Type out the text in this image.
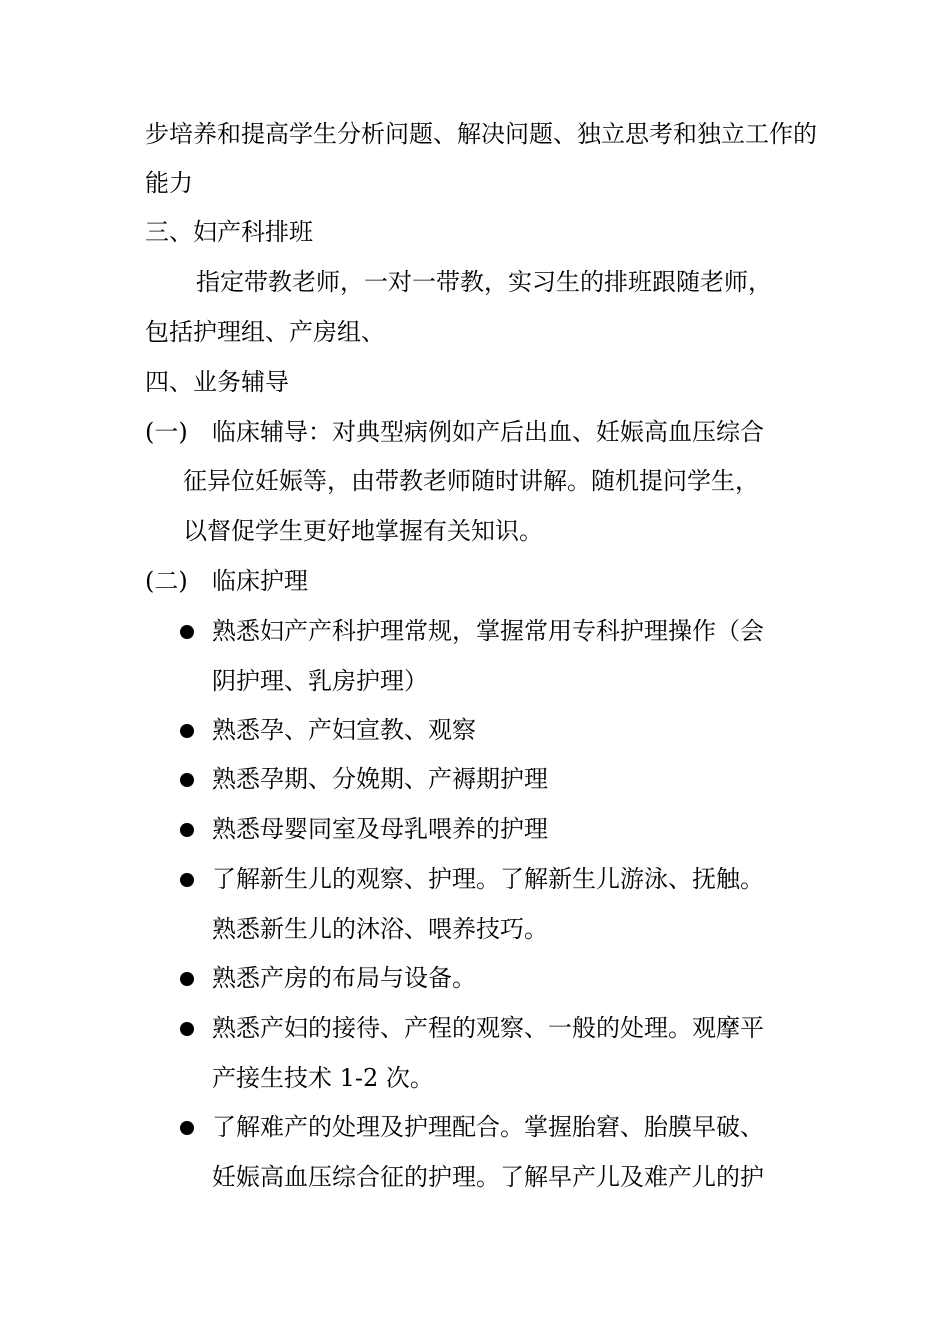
步培养和提高学生分析问题、解决问题、独立思考和独立工作的
能力
三、妇产科排班
指定带教老师，一对一带教，实习生的排班跟随老师，
包括护理组、产房组、
四、业务辅导
(一) 临床辅导：对典型病例如产后出血、妊娠高血压综合
征异位妊娠等，由带教老师随时讲解。随机提问学生，
以督促学生更好地掌握有关知识。
(二) 临床护理
熟悉妇产产科护理常规，掌握常用专科护理操作（会
阴护理、乳房护理）
熟悉孕、产妇宣教、观察
熟悉孕期、分娩期、产褥期护理
熟悉母婴同室及母乳喂养的护理
了解新生儿的观察、护理。了解新生儿游泳、抚触。
熟悉新生儿的沐浴、喂养技巧。
熟悉产房的布局与设备。
熟悉产妇的接待、产程的观察、一般的处理。观摩平
产接生技术 1-2 次。
了解难产的处理及护理配合。掌握胎窘、胎膜早破、
妊娠高血压综合征的护理。了解早产儿及难产儿的护
